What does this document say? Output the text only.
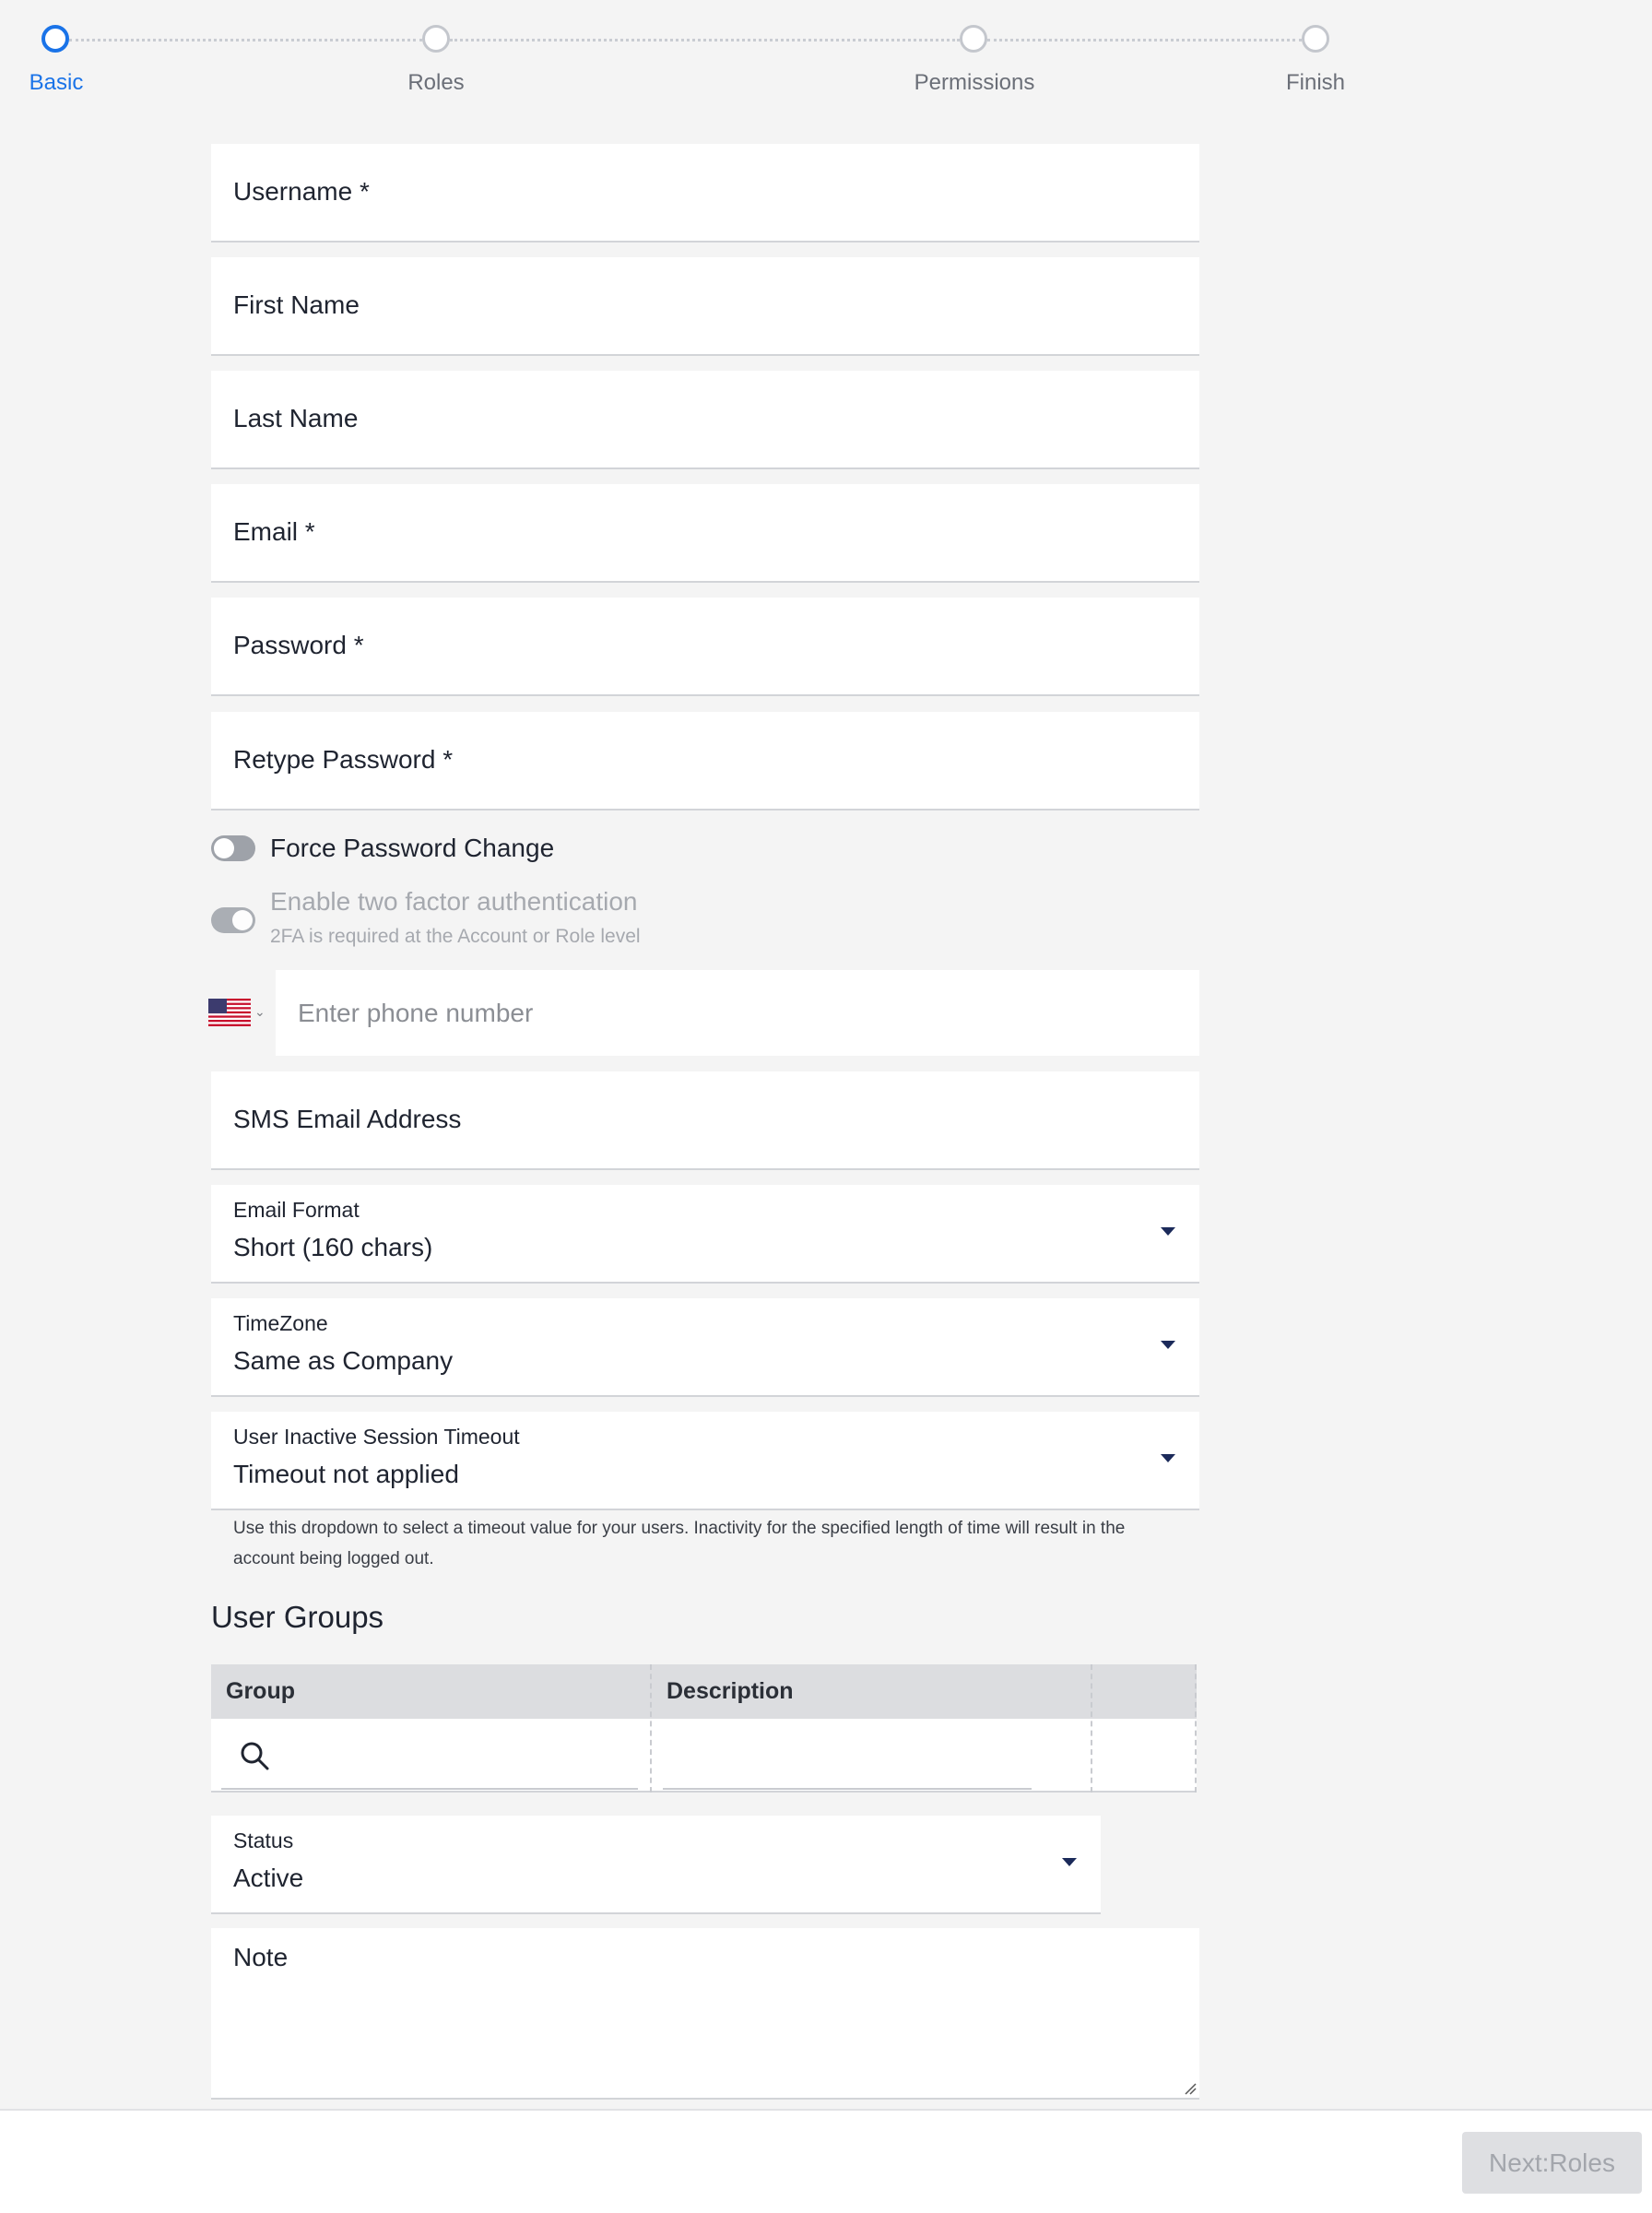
Basic	Roles	Permissions	Finish
Username *
First Name
Last Name
Email *
Password *
Retype Password *
Force Password Change
Enable two factor authentication
2FA is required at the Account or Role level
⌄
Enter phone number
SMS Email Address
Email Format
Short (160 chars)
TimeZone
Same as Company
User Inactive Session Timeout
Timeout not applied
Use this dropdown to select a timeout value for your users. Inactivity for the specified length of time will result in the account being logged out.
User Groups
Group	Description
Status
Active
Note
Next:Roles
